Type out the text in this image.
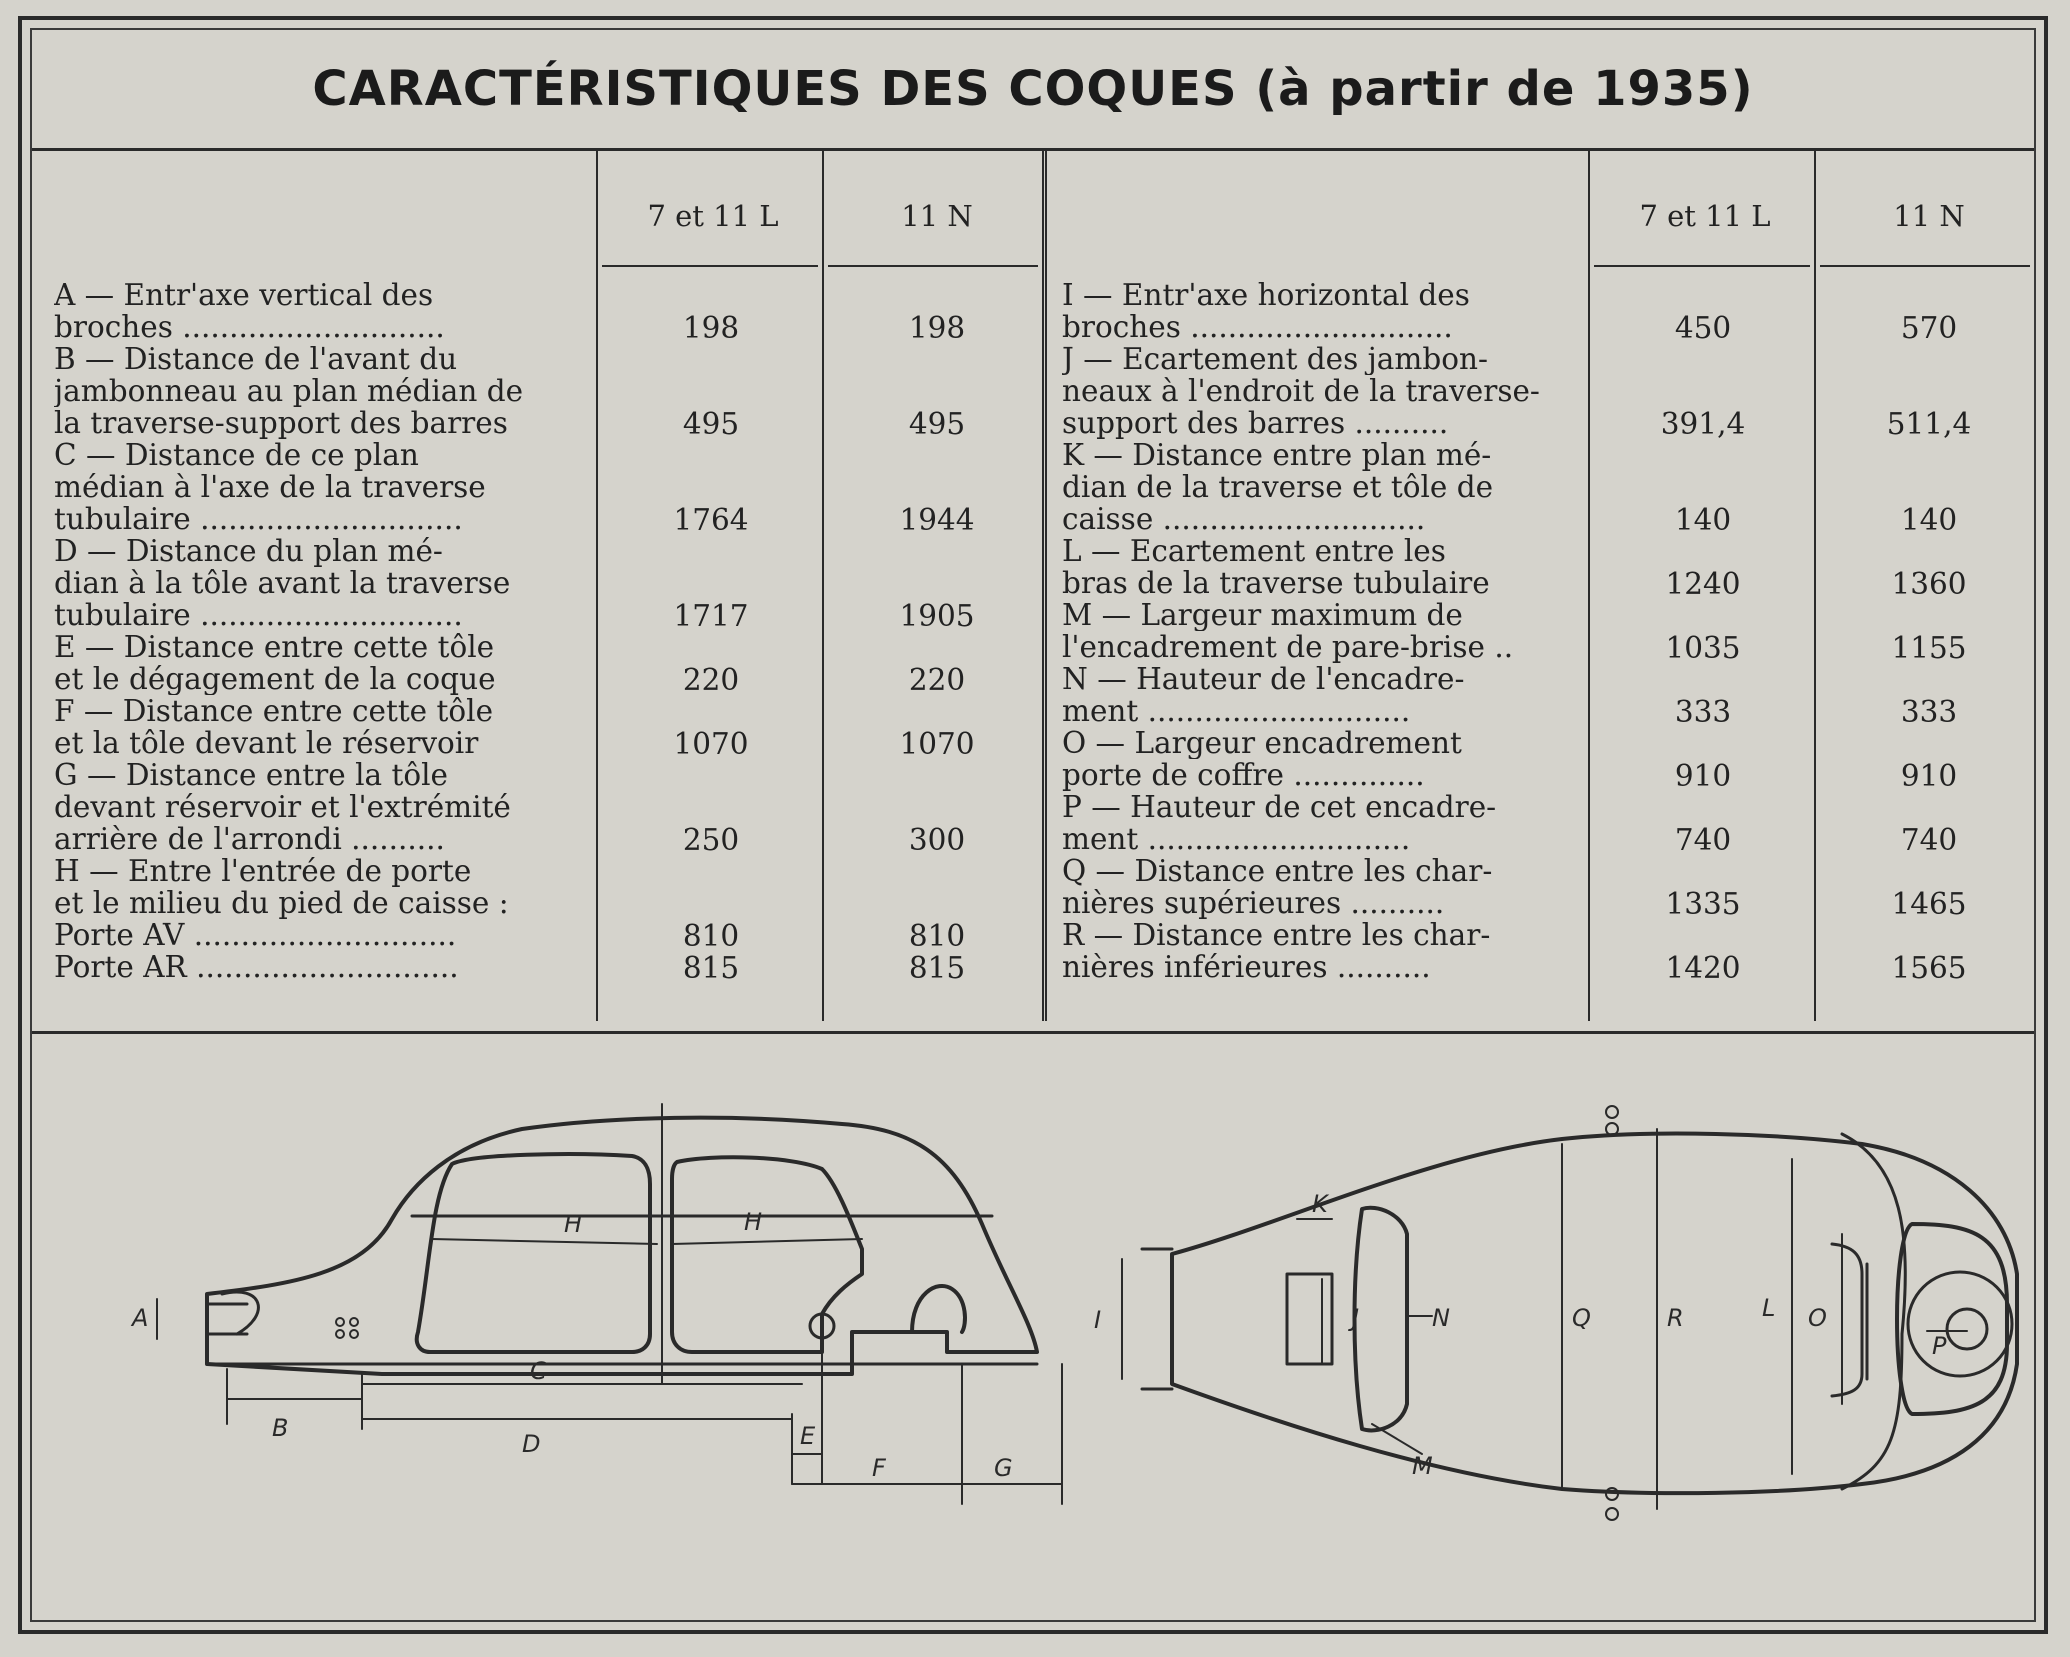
CARACTÉRISTIQUES DES COQUES (à partir de 1935)
7 et 11 L	11 N	7 et 11 L	11 N
A — Entr'axe vertical des
broches ............................	198	198
B — Distance de l'avant du
jambonneau au plan médian de
la traverse-support des barres	495	495
C — Distance de ce plan
médian à l'axe de la traverse
tubulaire ............................	1764	1944
D — Distance du plan mé-
dian à la tôle avant la traverse
tubulaire ............................	1717	1905
E — Distance entre cette tôle
et le dégagement de la coque	220	220
F — Distance entre cette tôle
et la tôle devant le réservoir	1070	1070
G — Distance entre la tôle
devant réservoir et l'extrémité
arrière de l'arrondi ..........	250	300
H — Entre l'entrée de porte
et le milieu du pied de caisse :
Porte AV ............................	810	810
Porte AR ............................	815	815
I — Entr'axe horizontal des
broches ............................	450	570
J — Ecartement des jambon-
neaux à l'endroit de la traverse-
support des barres ..........	391,4	511,4
K — Distance entre plan mé-
dian de la traverse et tôle de
caisse ............................	140	140
L — Ecartement entre les
bras de la traverse tubulaire	1240	1360
M — Largeur maximum de
l'encadrement de pare-brise ..	1035	1155
N — Hauteur de l'encadre-
ment ............................	333	333
O — Largeur encadrement
porte de coffre ..............	910	910
P — Hauteur de cet encadre-
ment ............................	740	740
Q — Distance entre les char-
nières supérieures ..........	1335	1465
R — Distance entre les char-
nières inférieures ..........	1420	1565
A
B
C
D	E
F	G
H	H
I	J
K
L
M
N	O
P
Q	R
